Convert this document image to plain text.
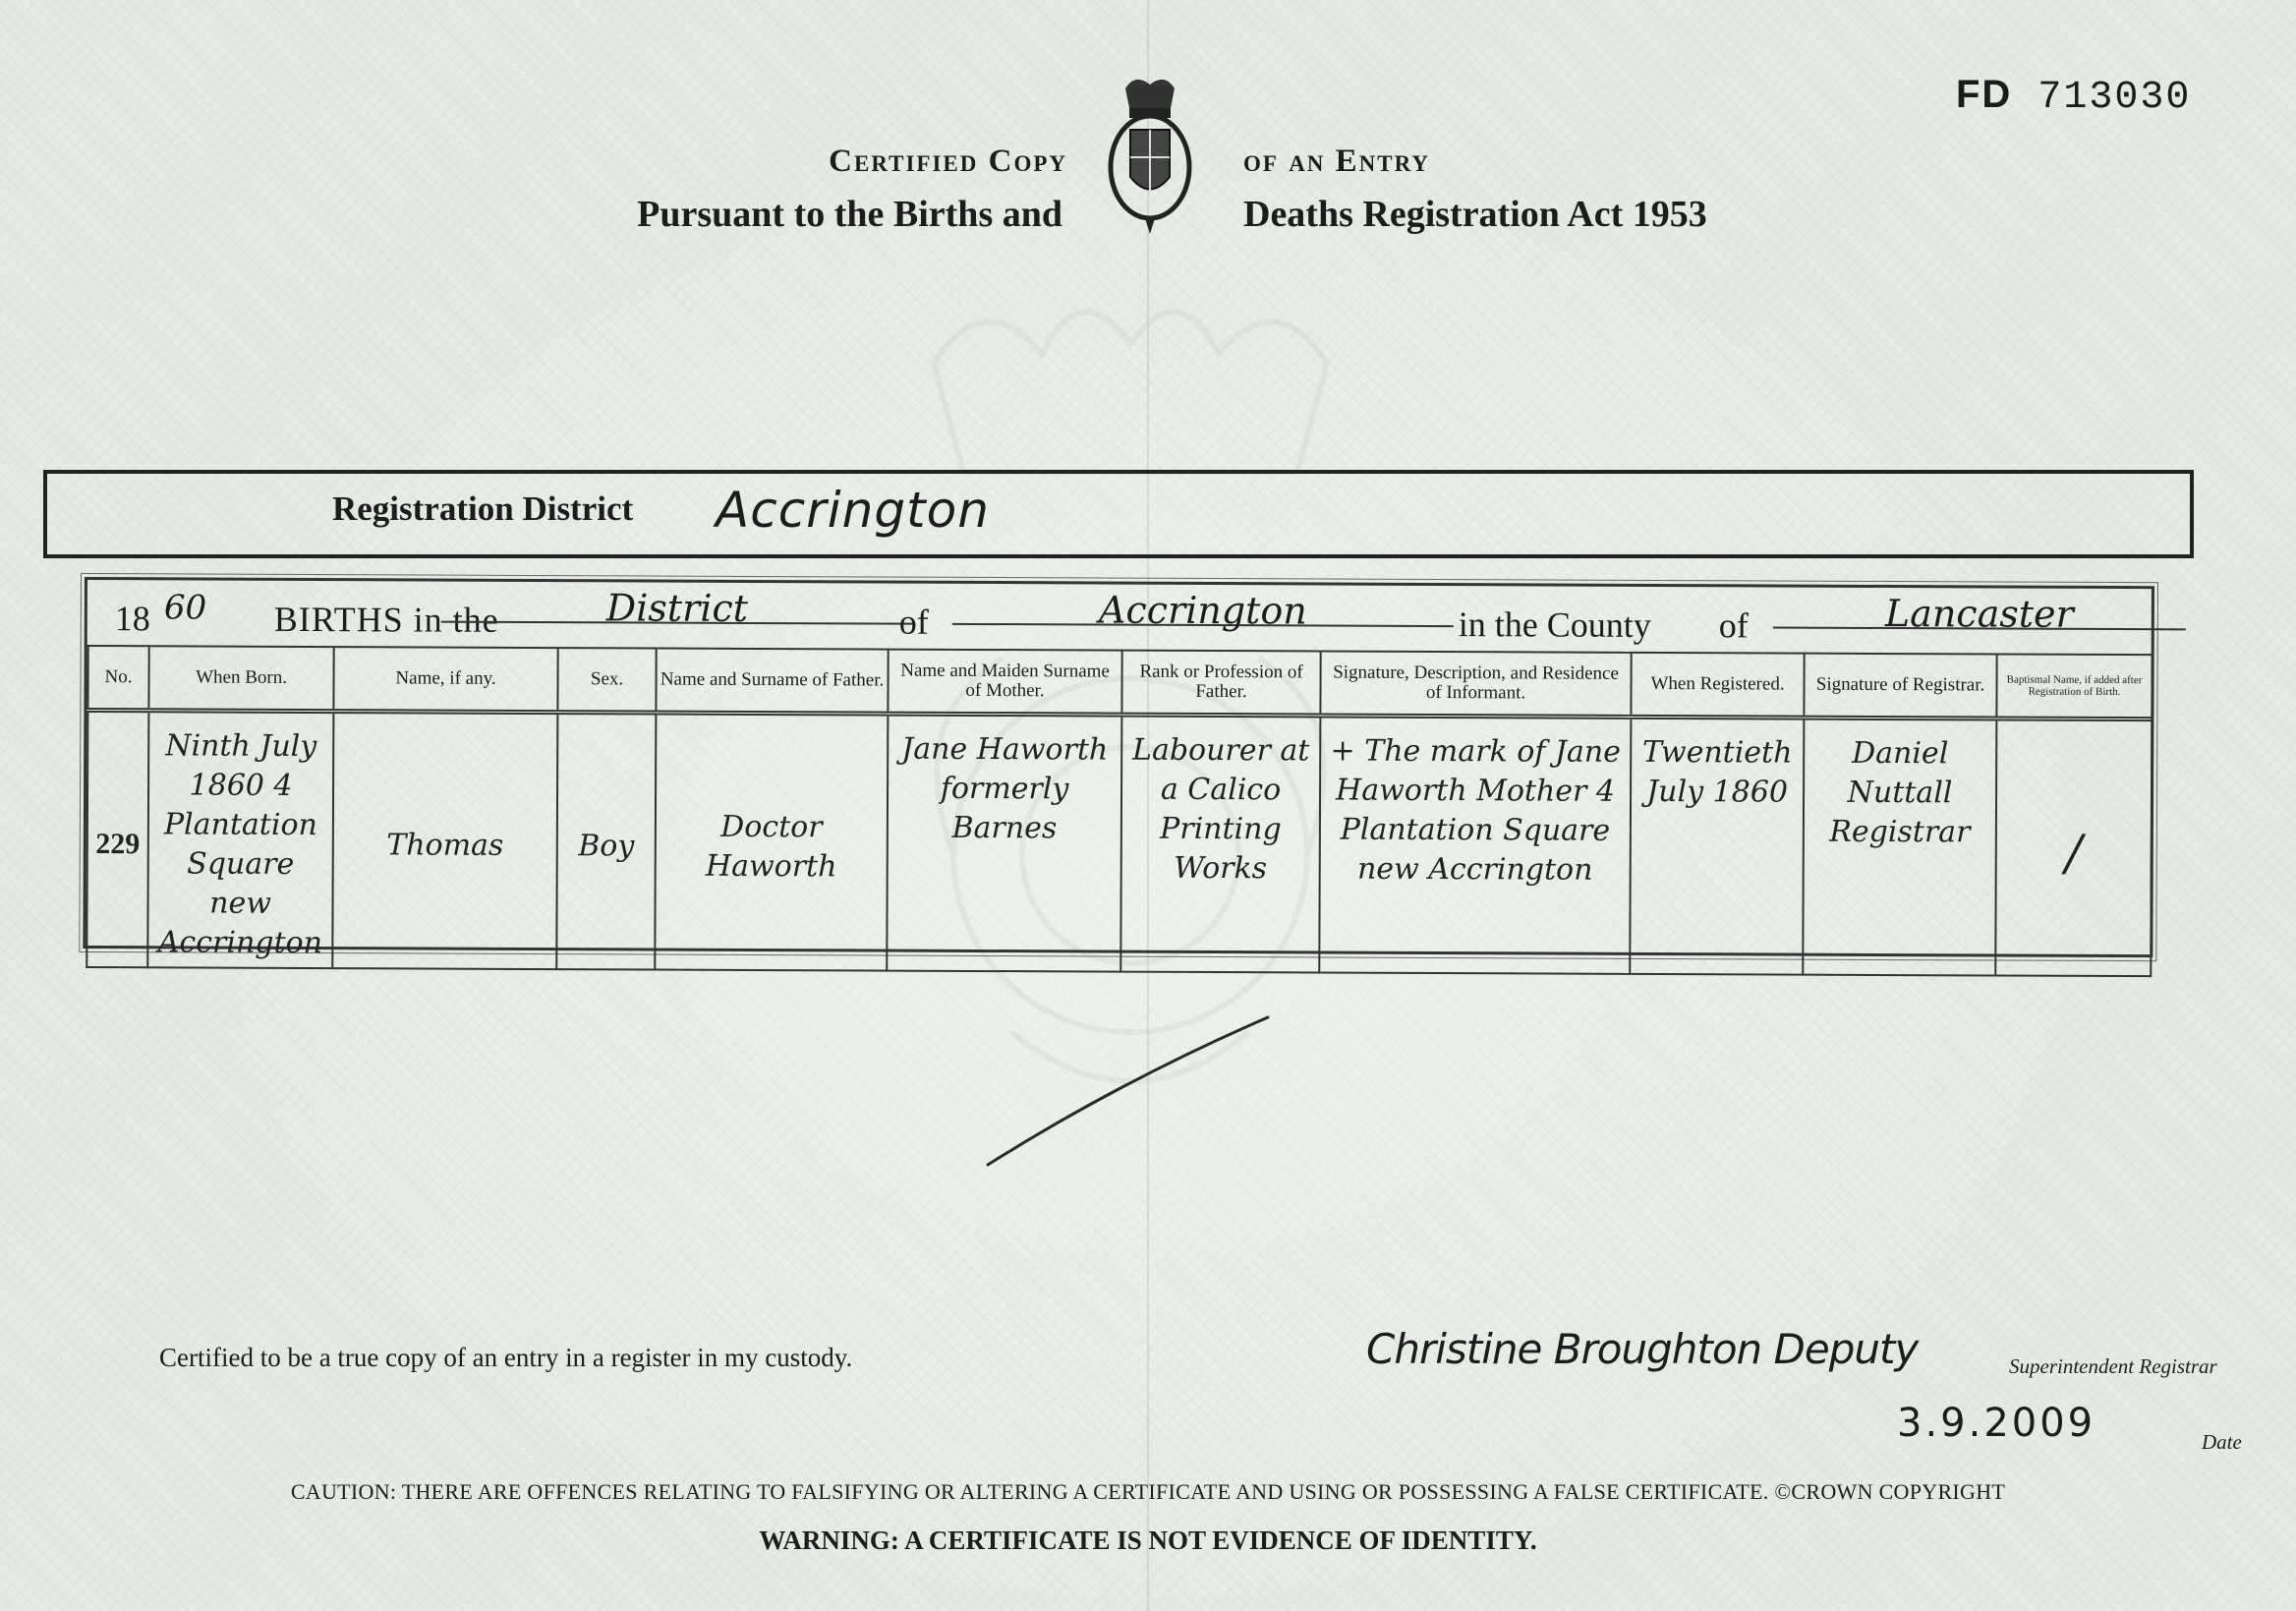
FD 713030
Certified Copy	of an Entry
Pursuant to the Births and	Deaths Registration Act 1953
Registration District Accrington
18 60 BIRTHS in the	District	of	Accrington	in the County of	Lancaster
No.	When Born.	Name, if any.	Sex.	Name and Surname of Father.	Name and Maiden Surname of Mother.	Rank or Profession of Father.	Signature, Description, and Residence of Informant.	When Registered.	Signature of Registrar.	Baptismal Name, if added after Registration of Birth.
229	Ninth July 1860 4 Plantation Square new Accrington	Thomas	Boy	Doctor Haworth	Jane Haworth formerly Barnes	Labourer at a Calico Printing Works	+ The mark of Jane Haworth Mother 4 Plantation Square new Accrington	Twentieth July 1860	Daniel Nuttall Registrar	/
Certified to be a true copy of an entry in a register in my custody.	Christine Broughton Deputy	Superintendent Registrar
3.9.2009	Date
CAUTION: THERE ARE OFFENCES RELATING TO FALSIFYING OR ALTERING A CERTIFICATE AND USING OR POSSESSING A FALSE CERTIFICATE. ©CROWN COPYRIGHT
WARNING: A CERTIFICATE IS NOT EVIDENCE OF IDENTITY.
